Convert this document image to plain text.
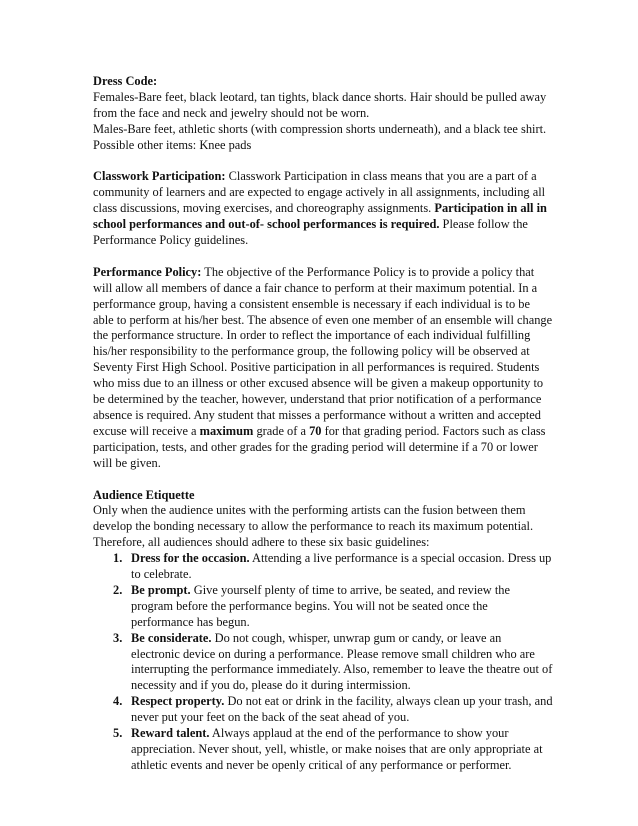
Dress Code:

Females-Bare feet, black leotard, tan tights, black dance shorts. Hair should be pulled away from the face and neck and jewelry should not be worn.

Males-Bare feet, athletic shorts (with compression shorts underneath), and a black tee shirt.

Possible other items: Knee pads

Classwork Participation: Classwork Participation in class means that you are a part of a community of learners and are expected to engage actively in all assignments, including all class discussions, moving exercises, and choreography assignments. Participation in all in school performances and out-of- school performances is required. Please follow the Performance Policy guidelines.

Performance Policy: The objective of the Performance Policy is to provide a policy that will allow all members of dance a fair chance to perform at their maximum potential. In a performance group, having a consistent ensemble is necessary if each individual is to be able to perform at his/her best. The absence of even one member of an ensemble will change the performance structure. In order to reflect the importance of each individual fulfilling his/her responsibility to the performance group, the following policy will be observed at Seventy First High School. Positive participation in all performances is required. Students who miss due to an illness or other excused absence will be given a makeup opportunity to be determined by the teacher, however, understand that prior notification of a performance absence is required. Any student that misses a performance without a written and accepted excuse will receive a maximum grade of a 70 for that grading period. Factors such as class participation, tests, and other grades for the grading period will determine if a 70 or lower will be given.

Audience Etiquette

Only when the audience unites with the performing artists can the fusion between them develop the bonding necessary to allow the performance to reach its maximum potential. Therefore, all audiences should adhere to these six basic guidelines:

1. Dress for the occasion. Attending a live performance is a special occasion. Dress up to celebrate.
2. Be prompt. Give yourself plenty of time to arrive, be seated, and review the program before the performance begins. You will not be seated once the performance has begun.
3. Be considerate. Do not cough, whisper, unwrap gum or candy, or leave an electronic device on during a performance. Please remove small children who are interrupting the performance immediately. Also, remember to leave the theatre out of necessity and if you do, please do it during intermission.
4. Respect property. Do not eat or drink in the facility, always clean up your trash, and never put your feet on the back of the seat ahead of you.
5. Reward talent. Always applaud at the end of the performance to show your appreciation. Never shout, yell, whistle, or make noises that are only appropriate at athletic events and never be openly critical of any performance or performer.
